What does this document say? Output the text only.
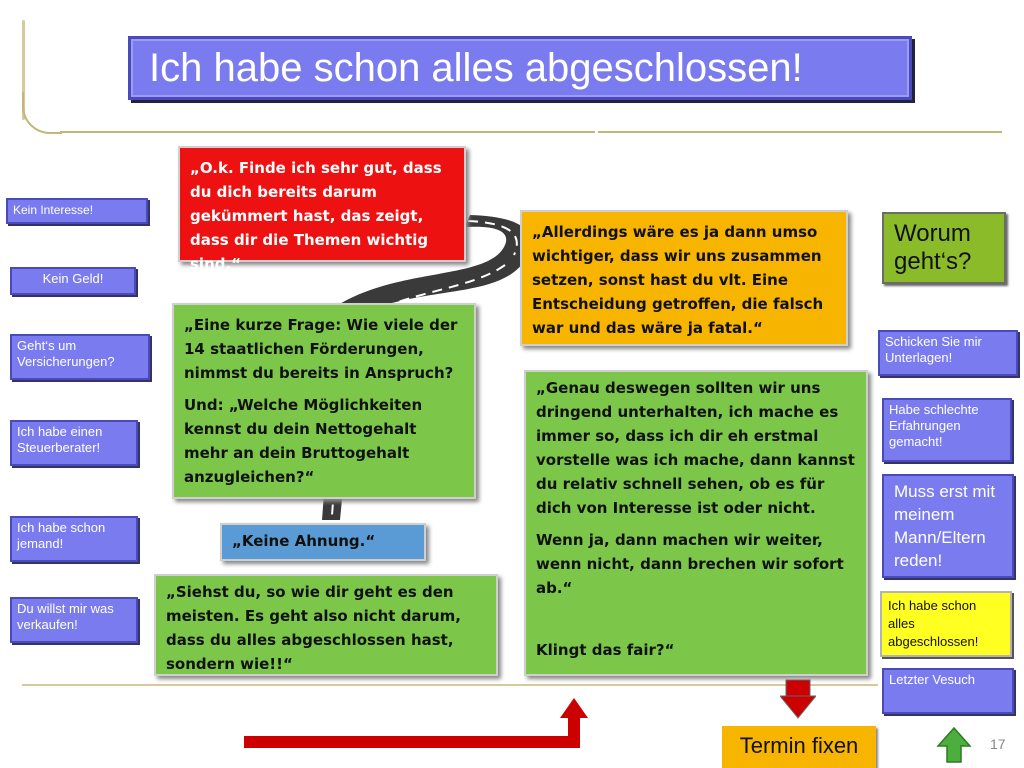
Ich habe schon alles abgeschlossen!
Kein Interesse!
Kein Geld!
Geht‘s um Versicherungen?
Ich habe einen Steuerberater!
Ich habe schon jemand!
Du willst mir was verkaufen!
„O.k. Finde ich sehr gut, dass du dich bereits darum gekümmert hast, das zeigt, dass dir die Themen wichtig sind,“
„Allerdings wäre es ja dann umso wichtiger, dass wir uns zusammen setzen, sonst hast du vlt. Eine Entscheidung getroffen, die falsch war und das wäre ja fatal.“

„Eine kurze Frage: Wie viele der 14 staatlichen Förderungen, nimmst du bereits in Anspruch?

Und: „Welche Möglichkeiten kennst du dein Nettogehalt mehr an dein Bruttogehalt anzugleichen?“

„Keine Ahnung.“
„Siehst du, so wie dir geht es den meisten. Es geht also nicht darum, dass du alles abgeschlossen hast, sondern wie!!“

„Genau deswegen sollten wir uns dringend unterhalten, ich mache es immer so, dass ich dir eh erstmal vorstelle was ich mache, dann kannst du relativ schnell sehen, ob es für dich von Interesse ist oder nicht.

Wenn ja, dann machen wir weiter, wenn nicht, dann brechen wir sofort ab.“

Klingt das fair?“

Worum geht‘s?
Schicken Sie mir Unterlagen!
Habe schlechte Erfahrungen gemacht!
Muss erst mit meinem Mann/Eltern reden!
Ich habe schon alles abgeschlossen!
Letzter Vesuch
Termin fixen	17
